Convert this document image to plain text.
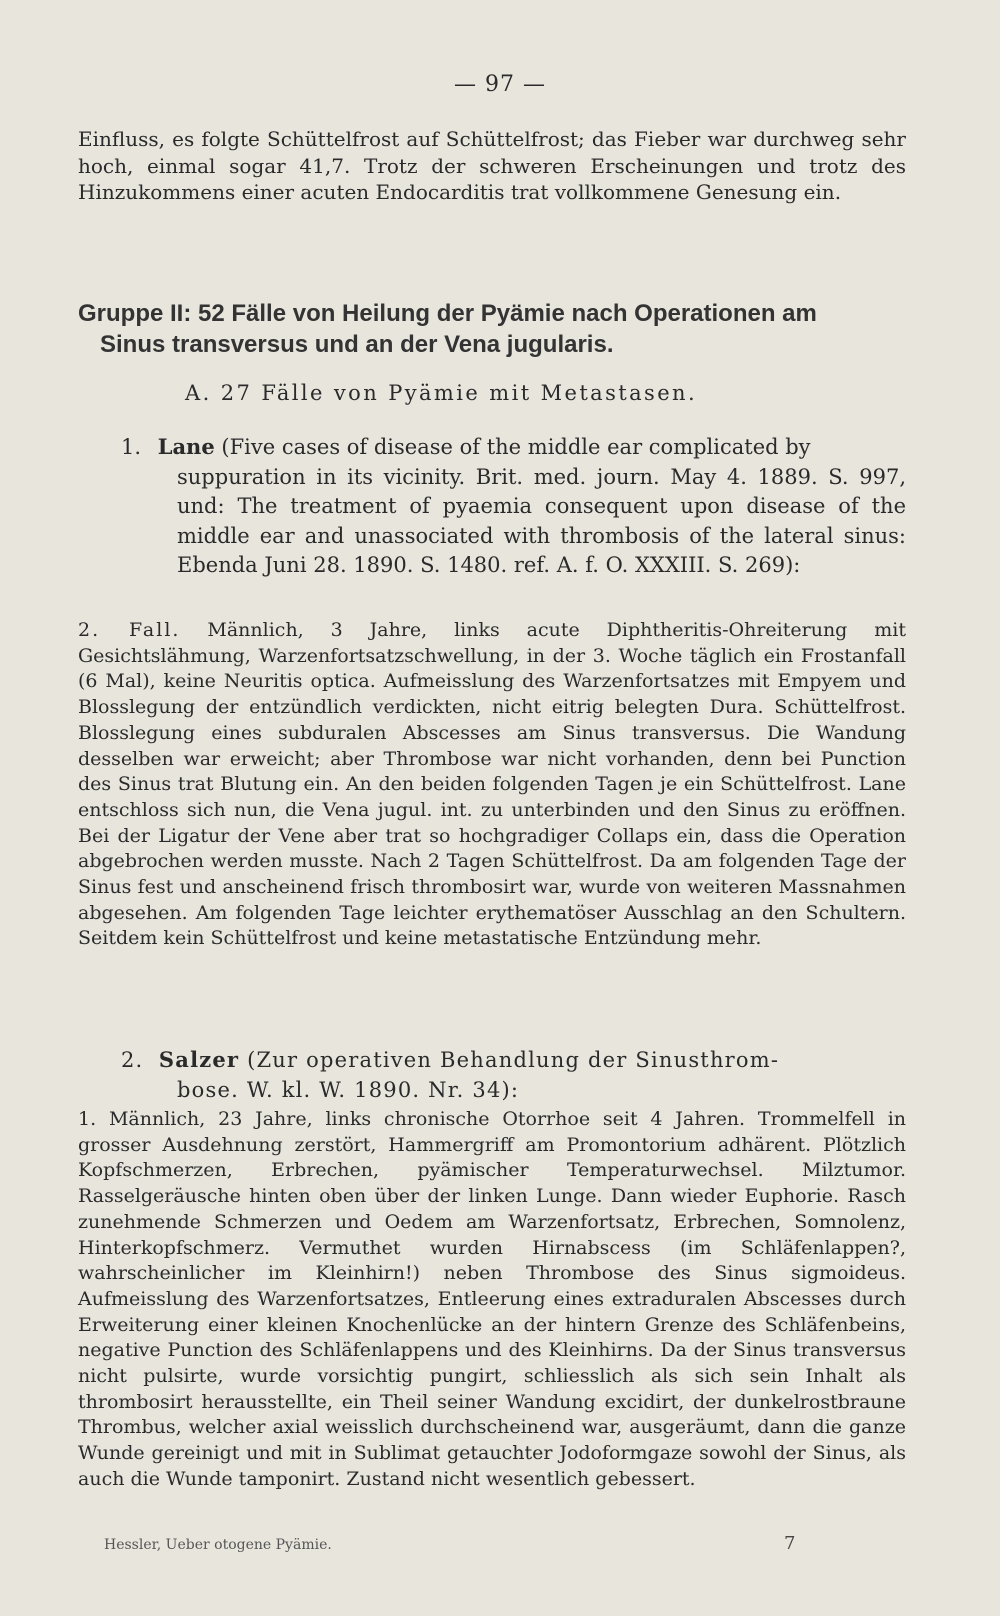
— 97 —

Einfluss, es folgte Schüttelfrost auf Schüttelfrost; das Fieber war durchweg sehr hoch, einmal sogar 41,7. Trotz der schweren Erscheinungen und trotz des Hinzukommens einer acuten Endocarditis trat vollkommene Genesung ein.

Gruppe II: 52 Fälle von Heilung der Pyämie nach Operationen am
Sinus transversus und an der Vena jugularis.
A. 27 Fälle von Pyämie mit Metastasen.
1. Lane (Five cases of disease of the middle ear complicated by
suppuration in its vicinity. Brit. med. journ. May 4. 1889. S. 997, und: The treatment of pyaemia consequent upon disease of the middle ear and unassociated with thrombosis of the lateral sinus: Ebenda Juni 28. 1890. S. 1480. ref. A. f. O. XXXIII. S. 269):

2. Fall. Männlich, 3 Jahre, links acute Diphtheritis-Ohreiterung mit Gesichtslähmung, Warzenfortsatzschwellung, in der 3. Woche täglich ein Frostanfall (6 Mal), keine Neuritis optica. Aufmeisslung des Warzenfortsatzes mit Empyem und Blosslegung der entzündlich verdickten, nicht eitrig belegten Dura. Schüttelfrost. Blosslegung eines subduralen Abscesses am Sinus transversus. Die Wandung desselben war erweicht; aber Thrombose war nicht vorhanden, denn bei Punction des Sinus trat Blutung ein. An den beiden folgenden Tagen je ein Schüttelfrost. Lane entschloss sich nun, die Vena jugul. int. zu unterbinden und den Sinus zu eröffnen. Bei der Ligatur der Vene aber trat so hochgradiger Collaps ein, dass die Operation abgebrochen werden musste. Nach 2 Tagen Schüttelfrost. Da am folgenden Tage der Sinus fest und anscheinend frisch thrombosirt war, wurde von weiteren Massnahmen abgesehen. Am folgenden Tage leichter erythematöser Ausschlag an den Schultern. Seitdem kein Schüttelfrost und keine metastatische Entzündung mehr.

2. Salzer (Zur operativen Behandlung der Sinusthrom-
bose. W. kl. W. 1890. Nr. 34):

1. Männlich, 23 Jahre, links chronische Otorrhoe seit 4 Jahren. Trommelfell in grosser Ausdehnung zerstört, Hammergriff am Promontorium adhärent. Plötzlich Kopfschmerzen, Erbrechen, pyämischer Temperaturwechsel. Milztumor. Rasselgeräusche hinten oben über der linken Lunge. Dann wieder Euphorie. Rasch zunehmende Schmerzen und Oedem am Warzenfortsatz, Erbrechen, Somnolenz, Hinterkopfschmerz. Vermuthet wurden Hirnabscess (im Schläfenlappen?, wahrscheinlicher im Kleinhirn!) neben Thrombose des Sinus sigmoideus. Aufmeisslung des Warzenfortsatzes, Entleerung eines extraduralen Abscesses durch Erweiterung einer kleinen Knochenlücke an der hintern Grenze des Schläfenbeins, negative Punction des Schläfenlappens und des Kleinhirns. Da der Sinus transversus nicht pulsirte, wurde vorsichtig pungirt, schliesslich als sich sein Inhalt als thrombosirt herausstellte, ein Theil seiner Wandung excidirt, der dunkelrostbraune Thrombus, welcher axial weisslich durchscheinend war, ausgeräumt, dann die ganze Wunde gereinigt und mit in Sublimat getauchter Jodoformgaze sowohl der Sinus, als auch die Wunde tamponirt. Zustand nicht wesentlich gebessert.

Hessler, Ueber otogene Pyämie.	7
